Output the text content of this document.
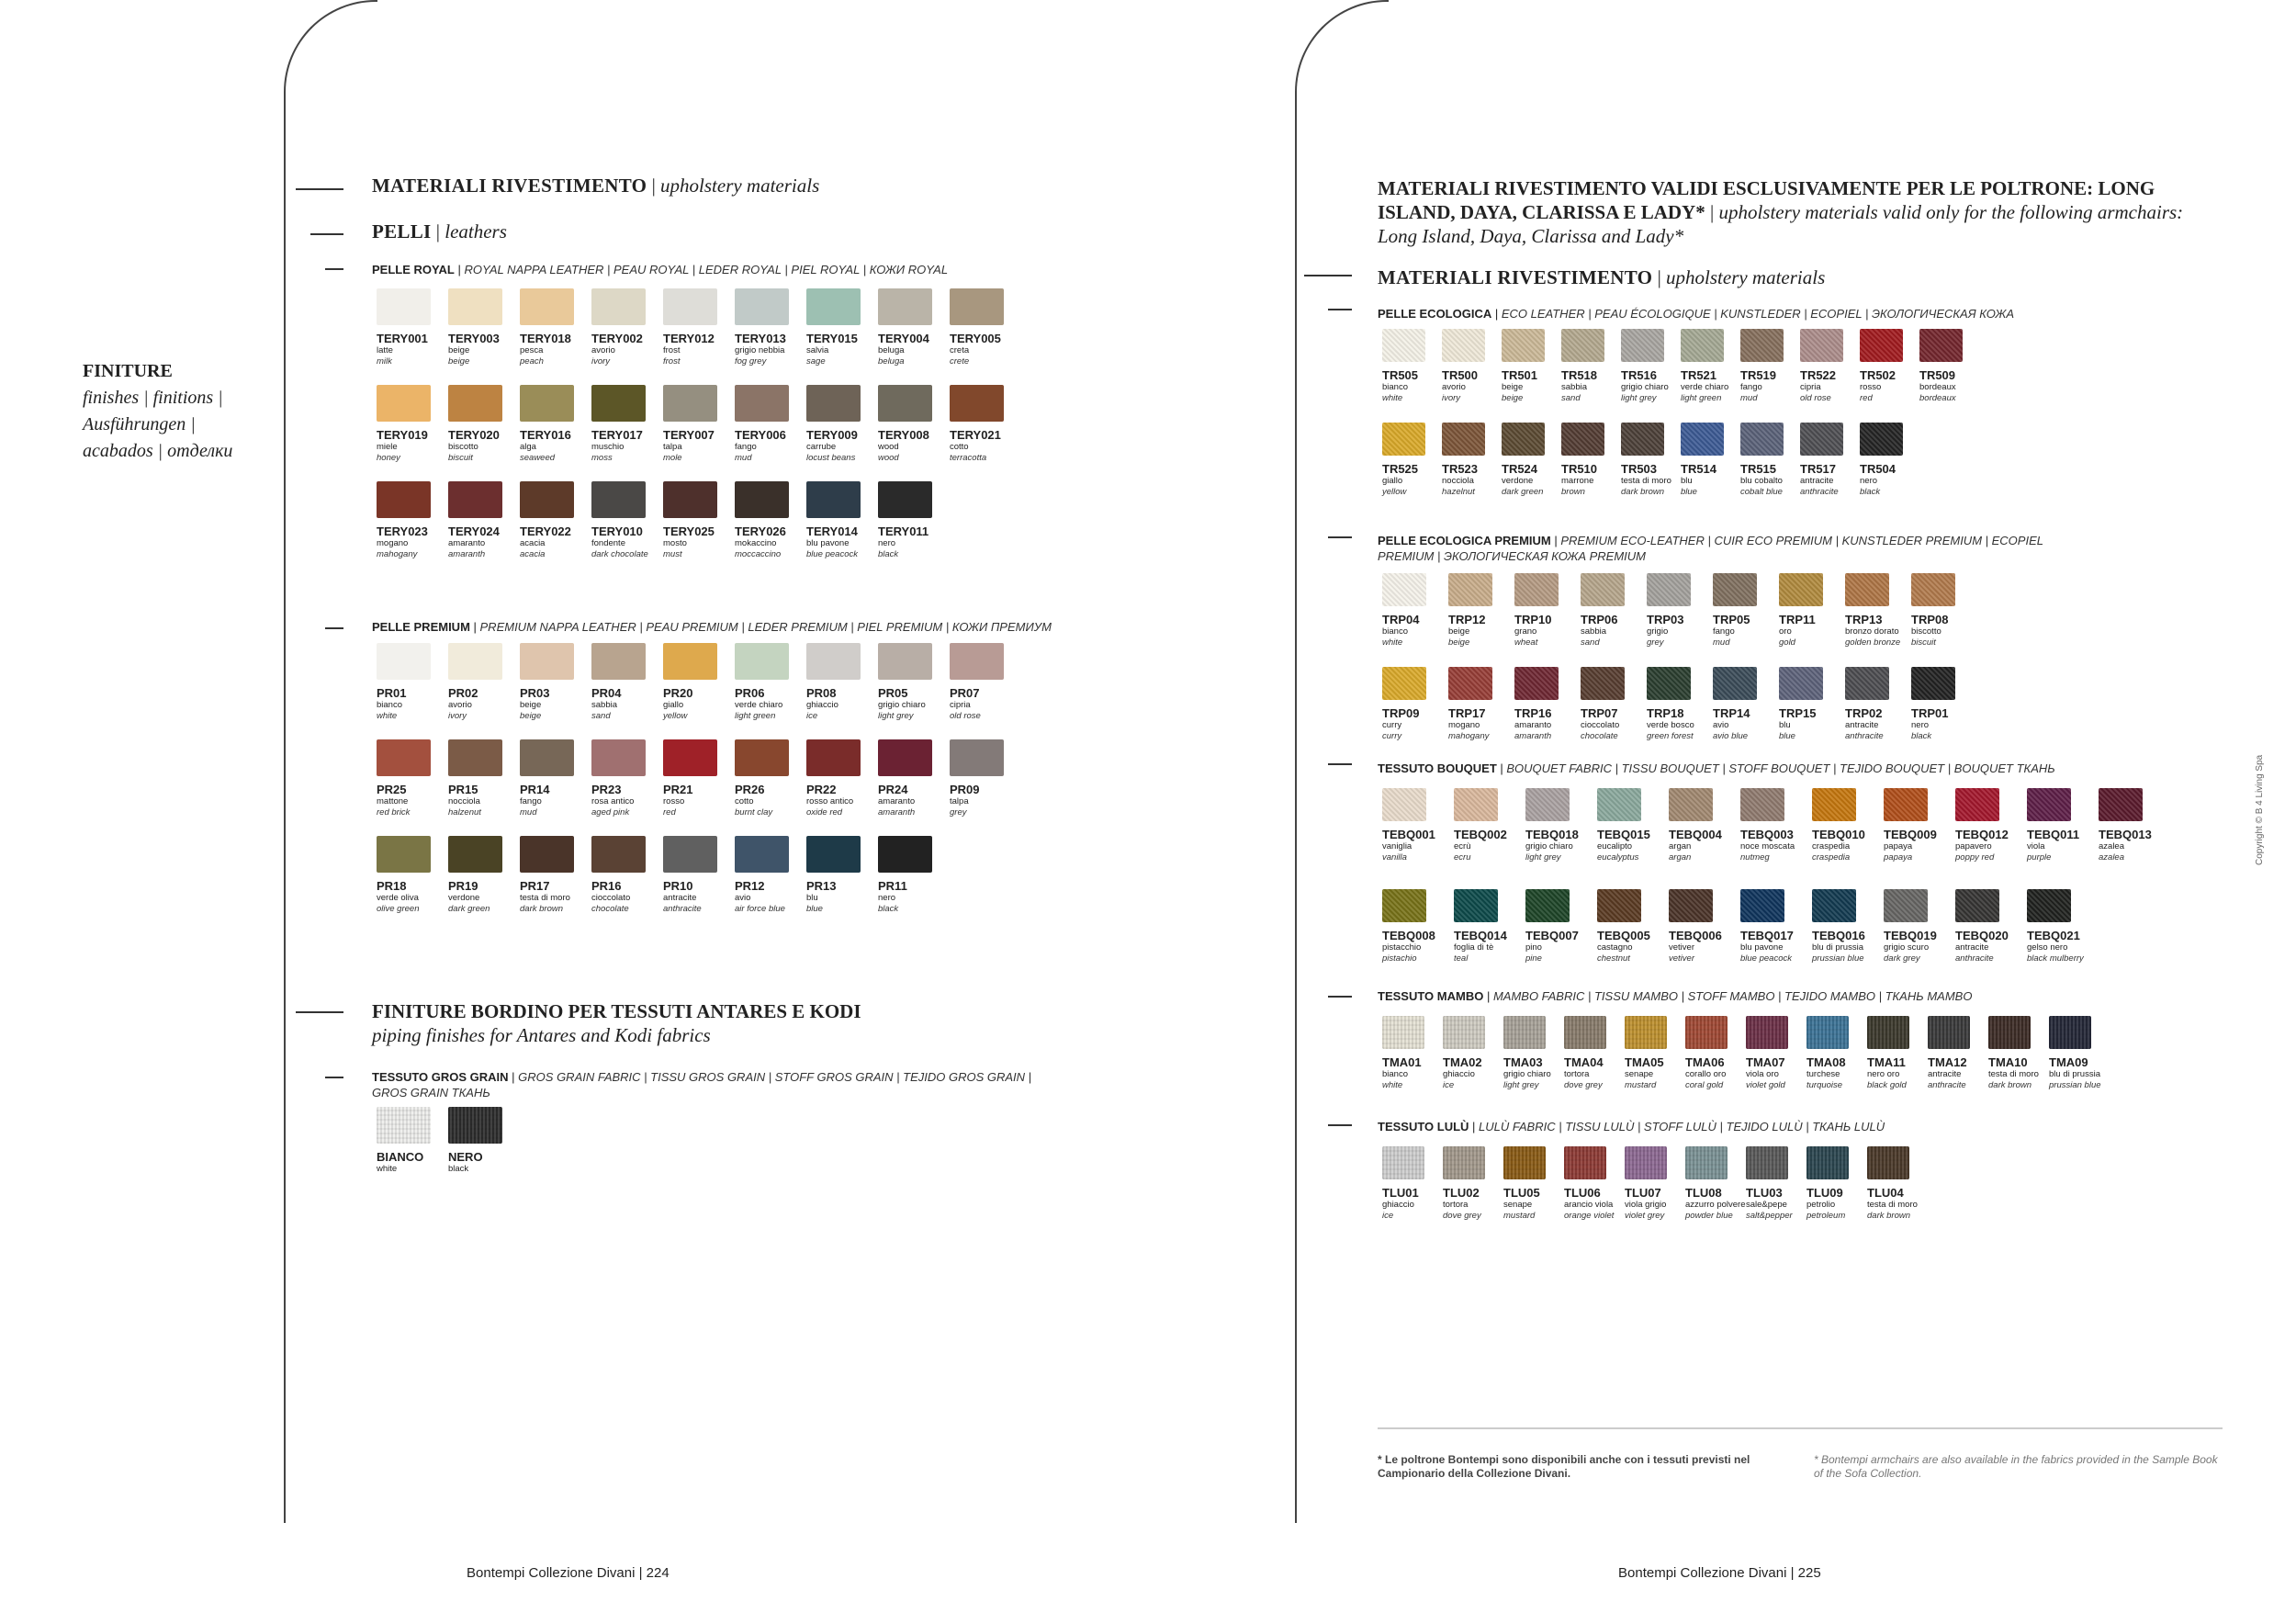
FINITURE
finishes | finitions | Ausführungen | acabados | отделки
MATERIALI RIVESTIMENTO | upholstery materials
PELLI | leathers
PELLE ROYAL | ROYAL NAPPA LEATHER | PEAU ROYAL | LEDER ROYAL | PIEL ROYAL | КОЖИ ROYAL
TERY001
latte
milk
TERY003
beige
beige
TERY018
pesca
peach
TERY002
avorio
ivory
TERY012
frost
frost
TERY013
grigio nebbia
fog grey
TERY015
salvia
sage
TERY004
beluga
beluga
TERY005
creta
crete
TERY019
miele
honey
TERY020
biscotto
biscuit
TERY016
alga
seaweed
TERY017
muschio
moss
TERY007
talpa
mole
TERY006
fango
mud
TERY009
carrube
locust beans
TERY008
wood
wood
TERY021
cotto
terracotta
TERY023
mogano
mahogany
TERY024
amaranto
amaranth
TERY022
acacia
acacia
TERY010
fondente
dark chocolate
TERY025
mosto
must
TERY026
mokaccino
moccaccino
TERY014
blu pavone
blue peacock
TERY011
nero
black
PELLE PREMIUM | PREMIUM NAPPA LEATHER | PEAU PREMIUM | LEDER PREMIUM | PIEL PREMIUM | КОЖИ ПРЕМИУМ
PR01
bianco
white
PR02
avorio
ivory
PR03
beige
beige
PR04
sabbia
sand
PR20
giallo
yellow
PR06
verde chiaro
light green
PR08
ghiaccio
ice
PR05
grigio chiaro
light grey
PR07
cipria
old rose
PR25
mattone
red brick
PR15
nocciola
halzenut
PR14
fango
mud
PR23
rosa antico
aged pink
PR21
rosso
red
PR26
cotto
burnt clay
PR22
rosso antico
oxide red
PR24
amaranto
amaranth
PR09
talpa
grey
PR18
verde oliva
olive green
PR19
verdone
dark green
PR17
testa di moro
dark brown
PR16
cioccolato
chocolate
PR10
antracite
anthracite
PR12
avio
air force blue
PR13
blu
blue
PR11
nero
black
FINITURE BORDINO PER TESSUTI ANTARES E KODI
piping finishes for Antares and Kodi fabrics
TESSUTO GROS GRAIN | GROS GRAIN FABRIC | TISSU GROS GRAIN | STOFF GROS GRAIN | TEJIDO GROS GRAIN | GROS GRAIN ТКАНЬ
BIANCO
white
NERO
black
Bontempi Collezione Divani | 224
MATERIALI RIVESTIMENTO VALIDI ESCLUSIVAMENTE PER LE POLTRONE: LONG ISLAND, DAYA, CLARISSA E LADY* | upholstery materials valid only for the following armchairs: Long Island, Daya, Clarissa and Lady*
MATERIALI RIVESTIMENTO | upholstery materials
PELLE ECOLOGICA | ECO LEATHER | PEAU ÉCOLOGIQUE | KUNSTLEDER | ECOPIEL | ЭКОЛОГИЧЕСКАЯ КОЖА
TR505
bianco
white
TR500
avorio
ivory
TR501
beige
beige
TR518
sabbia
sand
TR516
grigio chiaro
light grey
TR521
verde chiaro
light green
TR519
fango
mud
TR522
cipria
old rose
TR502
rosso
red
TR509
bordeaux
bordeaux
TR525
giallo
yellow
TR523
nocciola
hazelnut
TR524
verdone
dark green
TR510
marrone
brown
TR503
testa di moro
dark brown
TR514
blu
blue
TR515
blu cobalto
cobalt blue
TR517
antracite
anthracite
TR504
nero
black
PELLE ECOLOGICA PREMIUM | PREMIUM ECO-LEATHER | CUIR ECO PREMIUM | KUNSTLEDER PREMIUM | ECOPIEL PREMIUM | ЭКОЛОГИЧЕСКАЯ КОЖА PREMIUM
TRP04
bianco
white
TRP12
beige
beige
TRP10
grano
wheat
TRP06
sabbia
sand
TRP03
grigio
grey
TRP05
fango
mud
TRP11
oro
gold
TRP13
bronzo dorato
golden bronze
TRP08
biscotto
biscuit
TRP09
curry
curry
TRP17
mogano
mahogany
TRP16
amaranto
amaranth
TRP07
cioccolato
chocolate
TRP18
verde bosco
green forest
TRP14
avio
avio blue
TRP15
blu
blue
TRP02
antracite
anthracite
TRP01
nero
black
TESSUTO BOUQUET | BOUQUET FABRIC | TISSU BOUQUET | STOFF BOUQUET | TEJIDO BOUQUET | BOUQUET ТКАНЬ
TEBQ001
vaniglia
vanilla
TEBQ002
ecrù
ecru
TEBQ018
grigio chiaro
light grey
TEBQ015
eucalipto
eucalyptus
TEBQ004
argan
argan
TEBQ003
noce moscata
nutmeg
TEBQ010
craspedia
craspedia
TEBQ009
papaya
papaya
TEBQ012
papavero
poppy red
TEBQ011
viola
purple
TEBQ013
azalea
azalea
TEBQ008
pistacchio
pistachio
TEBQ014
foglia di tè
teal
TEBQ007
pino
pine
TEBQ005
castagno
chestnut
TEBQ006
vetiver
vetiver
TEBQ017
blu pavone
blue peacock
TEBQ016
blu di prussia
prussian blue
TEBQ019
grigio scuro
dark grey
TEBQ020
antracite
anthracite
TEBQ021
gelso nero
black mulberry
TESSUTO MAMBO | MAMBO FABRIC | TISSU MAMBO | STOFF MAMBO | TEJIDO MAMBO | ТКАНЬ MAMBO
TMA01
bianco
white
TMA02
ghiaccio
ice
TMA03
grigio chiaro
light grey
TMA04
tortora
dove grey
TMA05
senape
mustard
TMA06
corallo oro
coral gold
TMA07
viola oro
violet gold
TMA08
turchese
turquoise
TMA11
nero oro
black gold
TMA12
antracite
anthracite
TMA10
testa di moro
dark brown
TMA09
blu di prussia
prussian blue
TESSUTO LULÙ | LULÙ FABRIC | TISSU LULÙ | STOFF LULÙ | TEJIDO LULÙ | ТКАНЬ LULÙ
TLU01
ghiaccio
ice
TLU02
tortora
dove grey
TLU05
senape
mustard
TLU06
arancio viola
orange violet
TLU07
viola grigio
violet grey
TLU08
azzurro polvere
powder blue
TLU03
sale&pepe
salt&pepper
TLU09
petrolio
petroleum
TLU04
testa di moro
dark brown
* Le poltrone Bontempi sono disponibili anche con i tessuti previsti nel Campionario della Collezione Divani.
* Bontempi armchairs are also available in the fabrics provided in the Sample Book of the Sofa Collection.
Copyright © B 4 Living Spa
Bontempi Collezione Divani | 225
